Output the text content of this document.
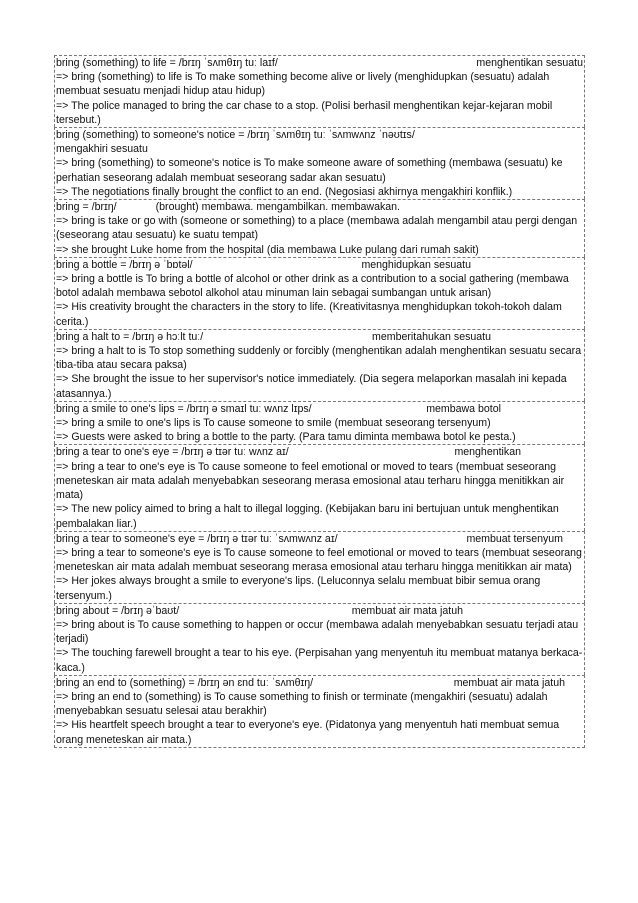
bring (something) to life = /brɪŋ ˈsʌmθɪŋ tuː laɪf/	menghentikan sesuatu
=> bring (something) to life is To make something become alive or lively (menghidupkan (sesuatu) adalah membuat sesuatu menjadi hidup atau hidup)
=> The police managed to bring the car chase to a stop. (Polisi berhasil menghentikan kejar-kejaran mobil tersebut.)
bring (something) to someone's notice = /brɪŋ ˈsʌmθɪŋ tuː ˈsʌmwʌnz ˈnəʊtɪs/
mengakhiri sesuatu
=> bring (something) to someone's notice is To make someone aware of something (membawa (sesuatu) ke perhatian seseorang adalah membuat seseorang sadar akan sesuatu)
=> The negotiations finally brought the conflict to an end. (Negosiasi akhirnya mengakhiri konflik.)
bring = /brɪŋ/	(brought) membawa. mengambilkan. membawakan.
=> bring is take or go with (someone or something) to a place (membawa adalah mengambil atau pergi dengan (seseorang atau sesuatu) ke suatu tempat)
=> she brought Luke home from the hospital (dia membawa Luke pulang dari rumah sakit)
bring a bottle = /brɪŋ ə ˈbɒtəl/	menghidupkan sesuatu
=> bring a bottle is To bring a bottle of alcohol or other drink as a contribution to a social gathering (membawa botol adalah membawa sebotol alkohol atau minuman lain sebagai sumbangan untuk arisan)
=> His creativity brought the characters in the story to life. (Kreativitasnya menghidupkan tokoh-tokoh dalam cerita.)
bring a halt to = /brɪŋ ə hɔːlt tuː/	memberitahukan sesuatu
=> bring a halt to is To stop something suddenly or forcibly (menghentikan adalah menghentikan sesuatu secara tiba-tiba atau secara paksa)
=> She brought the issue to her supervisor's notice immediately. (Dia segera melaporkan masalah ini kepada atasannya.)
bring a smile to one's lips = /brɪŋ ə smaɪl tuː wʌnz lɪps/	membawa botol
=> bring a smile to one's lips is To cause someone to smile (membuat seseorang tersenyum)
=> Guests were asked to bring a bottle to the party. (Para tamu diminta membawa botol ke pesta.)
bring a tear to one's eye = /brɪŋ ə tɪər tuː wʌnz aɪ/	menghentikan
=> bring a tear to one's eye is To cause someone to feel emotional or moved to tears (membuat seseorang meneteskan air mata adalah menyebabkan seseorang merasa emosional atau terharu hingga menitikkan air mata)
=> The new policy aimed to bring a halt to illegal logging. (Kebijakan baru ini bertujuan untuk menghentikan pembalakan liar.)
bring a tear to someone's eye = /brɪŋ ə tɪər tuː ˈsʌmwʌnz aɪ/	membuat tersenyum
=> bring a tear to someone's eye is To cause someone to feel emotional or moved to tears (membuat seseorang meneteskan air mata adalah membuat seseorang merasa emosional atau terharu hingga menitikkan air mata)
=> Her jokes always brought a smile to everyone's lips. (Leluconnya selalu membuat bibir semua orang tersenyum.)
bring about = /brɪŋ əˈbaʊt/	membuat air mata jatuh
=> bring about is To cause something to happen or occur (membawa adalah menyebabkan sesuatu terjadi atau terjadi)
=> The touching farewell brought a tear to his eye. (Perpisahan yang menyentuh itu membuat matanya berkaca-kaca.)
bring an end to (something) = /brɪŋ ən ɛnd tuː ˈsʌmθɪŋ/	membuat air mata jatuh
=> bring an end to (something) is To cause something to finish or terminate (mengakhiri (sesuatu) adalah menyebabkan sesuatu selesai atau berakhir)
=> His heartfelt speech brought a tear to everyone's eye. (Pidatonya yang menyentuh hati membuat semua orang meneteskan air mata.)
